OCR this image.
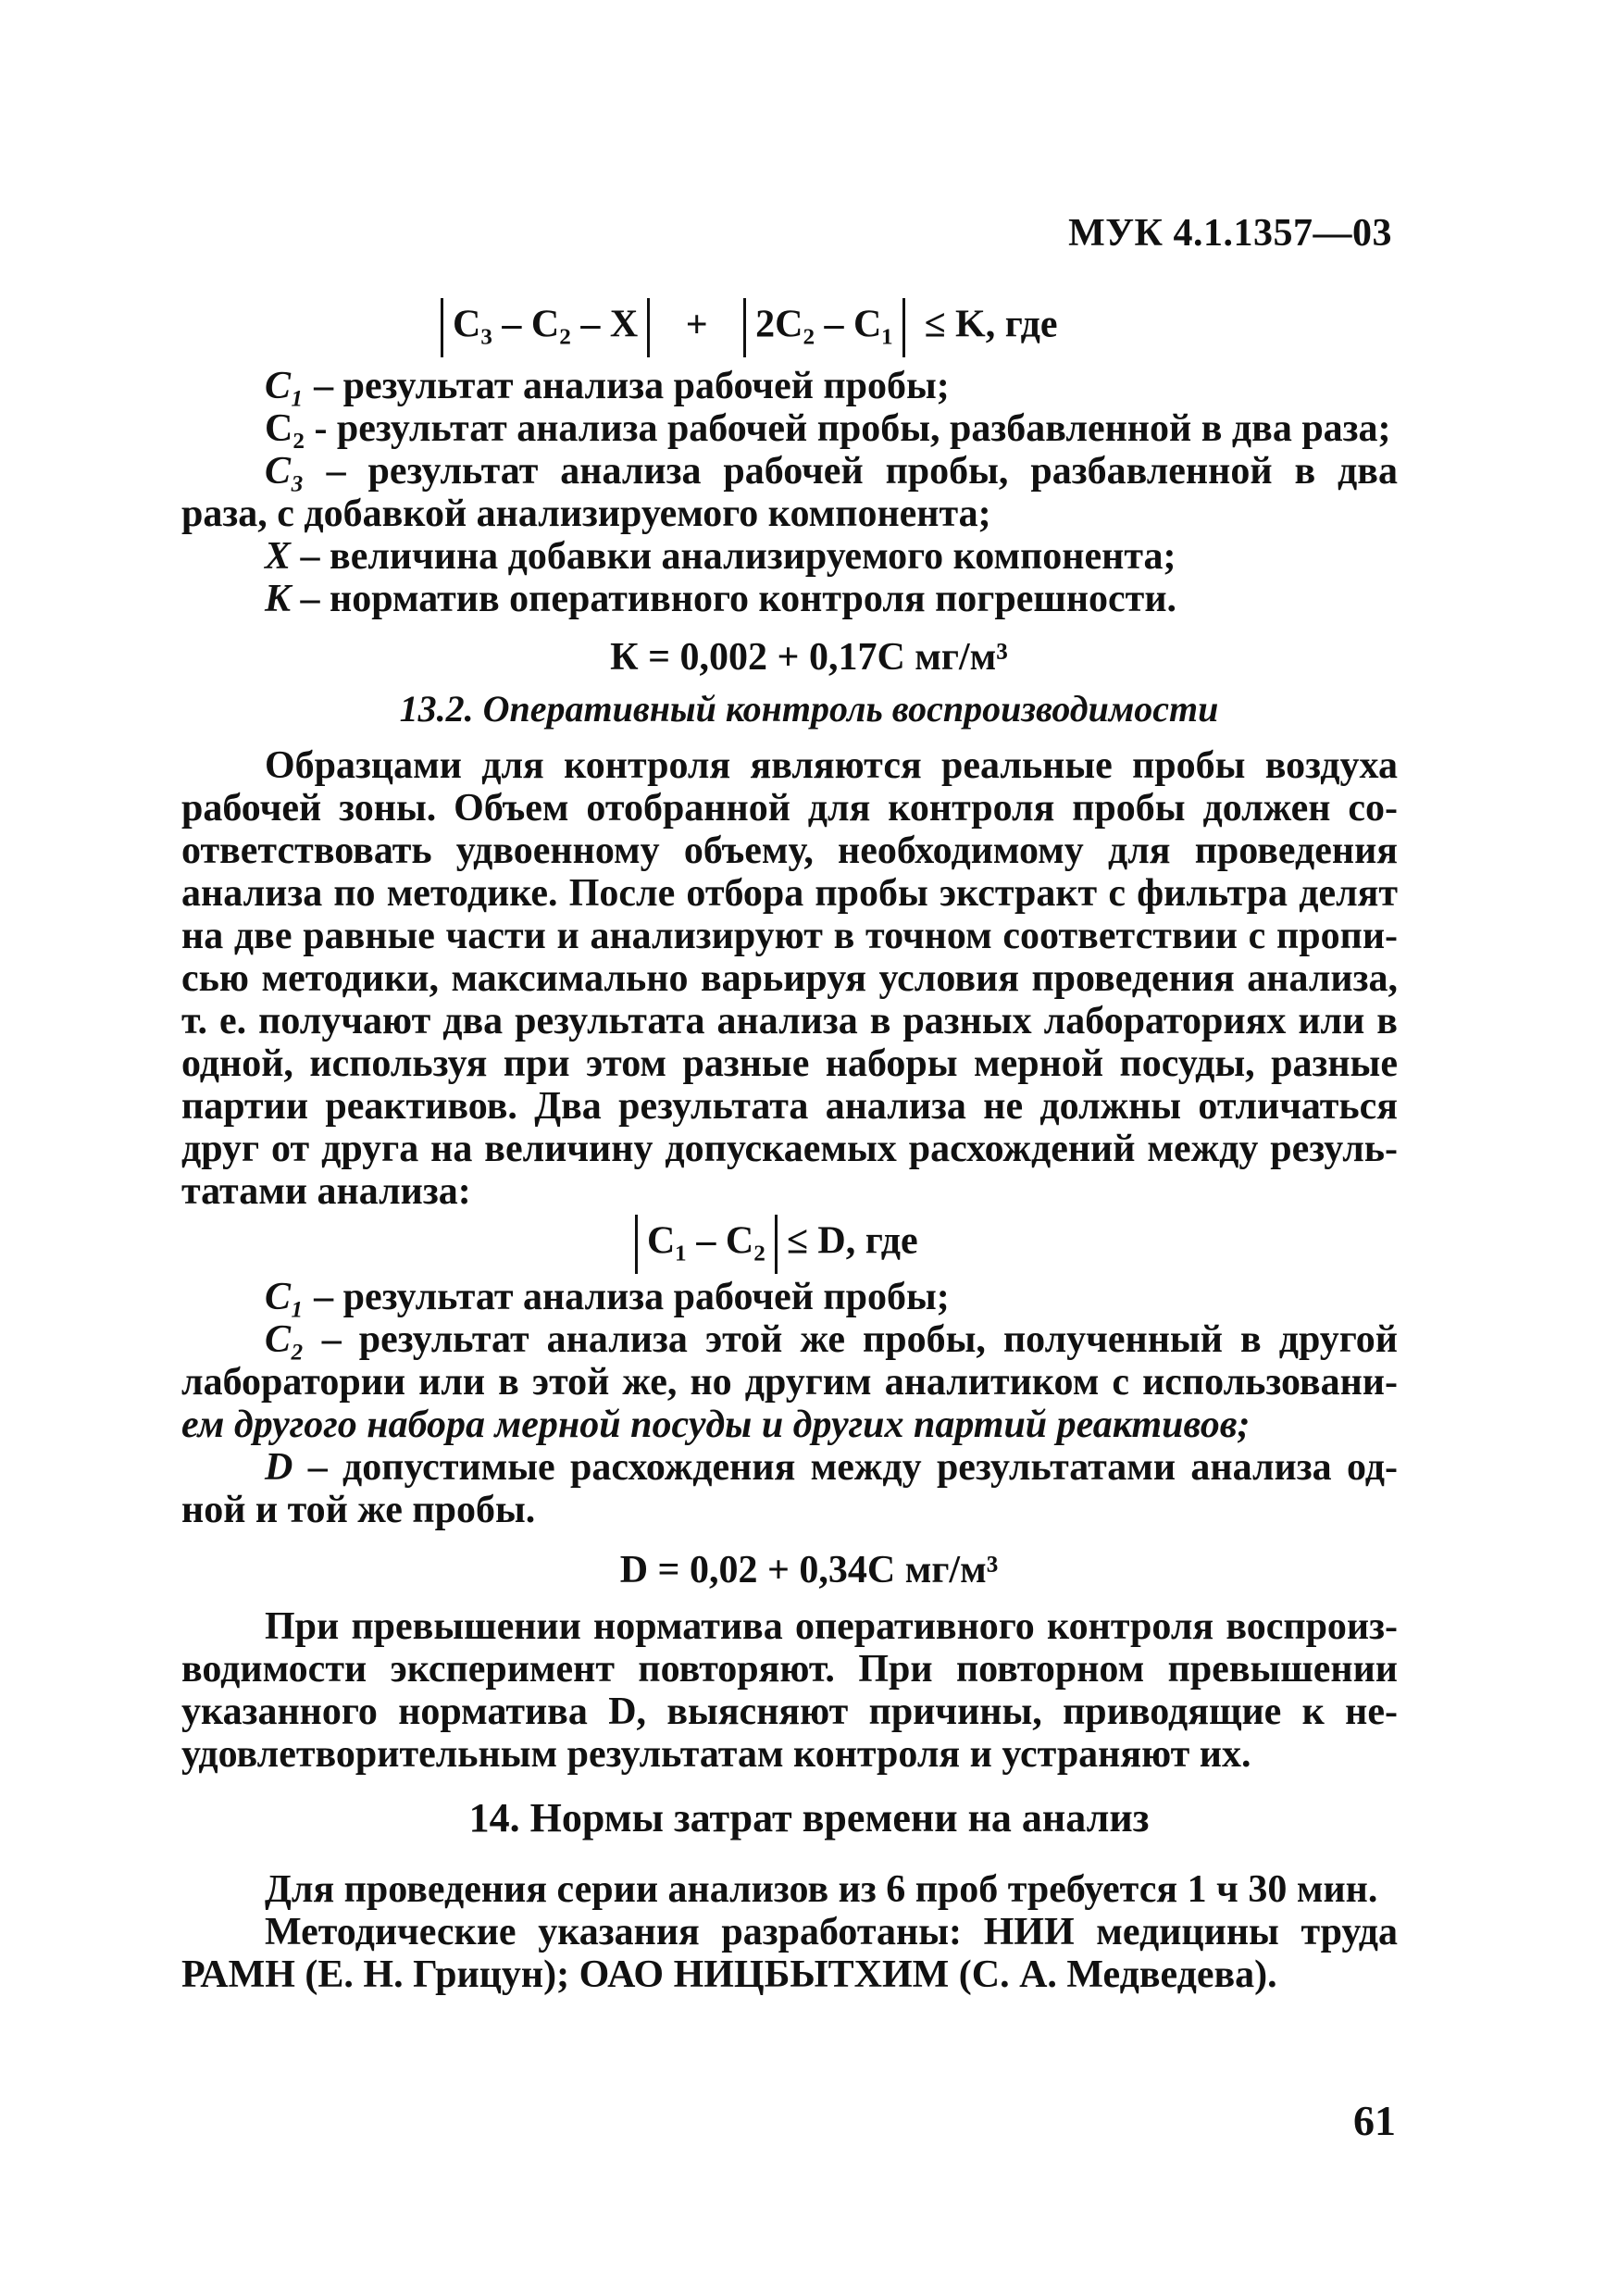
МУК 4.1.1357—03
C₃ – C₂ – X + 2C₂ – C₁ ≤ K, где

C₁ – результат анализа рабочей пробы;

C₂ - результат анализа рабочей пробы, разбавленной в два раза;

C₃ – результат анализа рабочей пробы, разбавленной в два

раза, с добавкой анализируемого компонента;

X – величина добавки анализируемого компонента;

K – норматив оперативного контроля погрешности.

К = 0,002 + 0,17С мг/м³
13.2. Оперативный контроль воспроизводимости

Образцами для контроля являются реальные пробы воздуха

рабочей зоны. Объем отобранной для контроля пробы должен со-

ответствовать удвоенному объему, необходимому для проведения

анализа по методике. После отбора пробы экстракт с фильтра делят

на две равные части и анализируют в точном соответствии с пропи-

сью методики, максимально варьируя условия проведения анализа,

т. е. получают два результата анализа в разных лабораториях или в

одной, используя при этом разные наборы мерной посуды, разные

партии реактивов. Два результата анализа не должны отличаться

друг от друга на величину допускаемых расхождений между резуль-

татами анализа:

C₁ – C₂ ≤ D, где

C₁ – результат анализа рабочей пробы;

C₂ – результат анализа этой же пробы, полученный в другой

лаборатории или в этой же, но другим аналитиком с использовани-

ем другого набора мерной посуды и других партий реактивов;

D – допустимые расхождения между результатами анализа од-

ной и той же пробы.

D = 0,02 + 0,34С мг/м³

При превышении норматива оперативного контроля воспроиз-

водимости эксперимент повторяют. При повторном превышении

указанного норматива D, выясняют причины, приводящие к не-

удовлетворительным результатам контроля и устраняют их.

14. Нормы затрат времени на анализ

Для проведения серии анализов из 6 проб требуется 1 ч 30 мин.

Методические указания разработаны: НИИ медицины труда

РАМН (Е. Н. Грицун); ОАО НИЦБЫТХИМ (С. А. Медведева).

61
